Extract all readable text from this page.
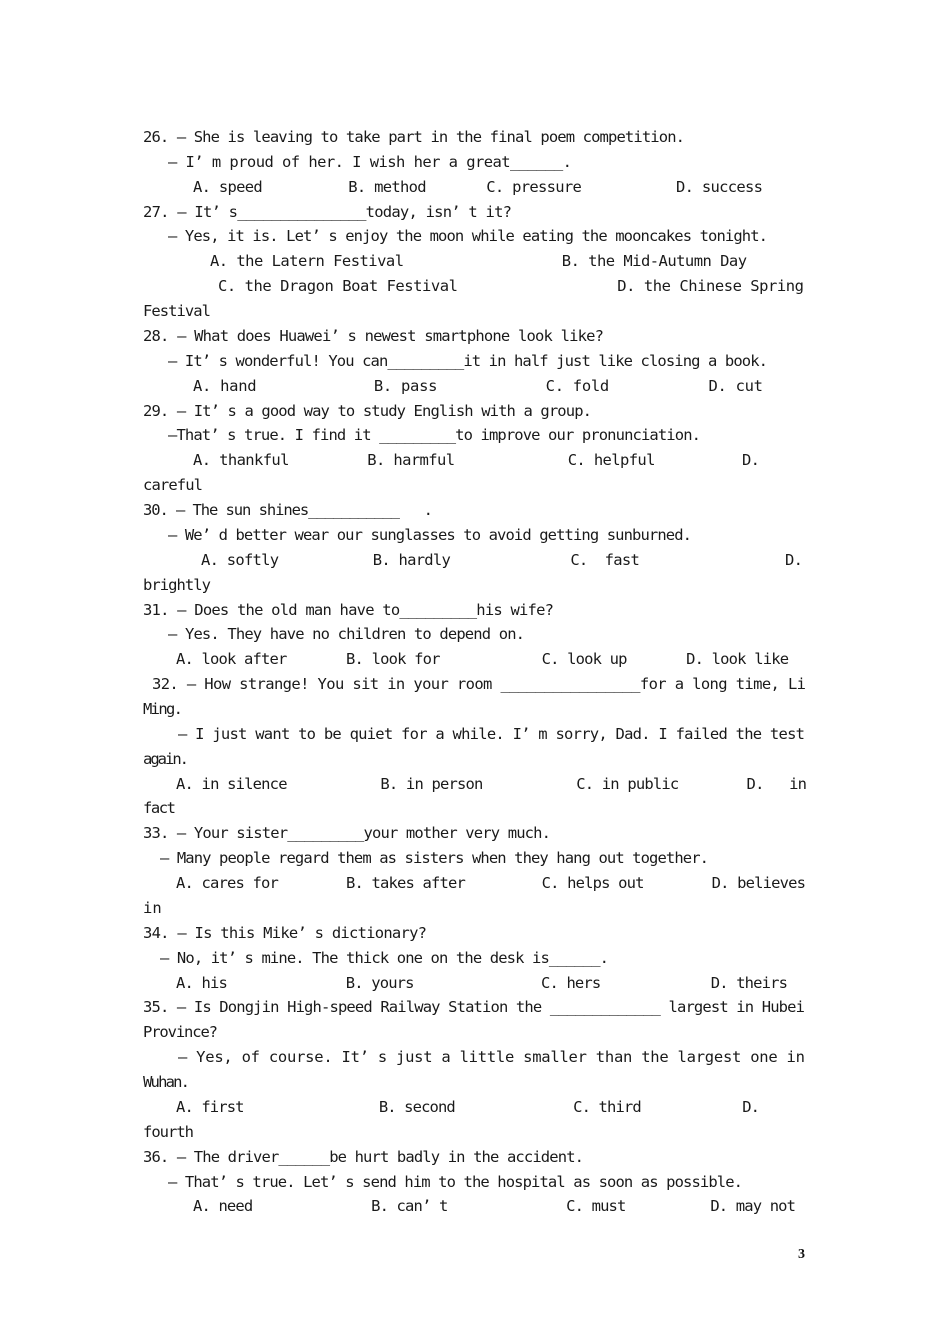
26. — She is leaving to take part in the final poem competition.
— I’ m proud of her. I wish her a great______.
A. speed          B. method       C. pressure           D. success
27. — It’ s_______________today, isn’ t it?
— Yes, it is. Let’ s enjoy the moon while eating the mooncakes tonight.
A. the Latern Festival                  B. the Mid-Autumn Day
C. the Dragon Boat Festival                  D. the Chinese Spring
Festival
28. — What does Huawei’ s newest smartphone look like?
— It’ s wonderful! You can_________it in half just like closing a book.
A. hand             B. pass            C. fold           D. cut
29. — It’ s a good way to study English with a group.
—That’ s true. I find it _________to improve our pronunciation.
A. thankful         B. harmful             C. helpful          D.
careful
30. — The sun shines___________   .
— We’ d better wear our sunglasses to avoid getting sunburned.
A. softly           B. hardly              C.  fast                 D.
brightly
31. — Does the old man have to_________his wife?
— Yes. They have no children to depend on.
A. look after       B. look for            C. look up       D. look like
32. — How strange! You sit in your room ________________for a long time, Li
Ming.
— I just want to be quiet for a while. I’ m sorry, Dad. I failed the test
again.
A. in silence           B. in person           C. in public        D.   in
fact
33. — Your sister_________your mother very much.
— Many people regard them as sisters when they hang out together.
A. cares for        B. takes after         C. helps out        D. believes
in
34. — Is this Mike’ s dictionary?
— No, it’ s mine. The thick one on the desk is______.
A. his              B. yours               C. hers             D. theirs
35. — Is Dongjin High-speed Railway Station the _____________ largest in Hubei
Province?
— Yes, of course. It’ s just a little smaller than the largest one in
Wuhan.
A. first                B. second              C. third            D.
fourth
36. — The driver______be hurt badly in the accident.
— That’ s true. Let’ s send him to the hospital as soon as possible.
A. need              B. can’ t              C. must          D. may not
3
